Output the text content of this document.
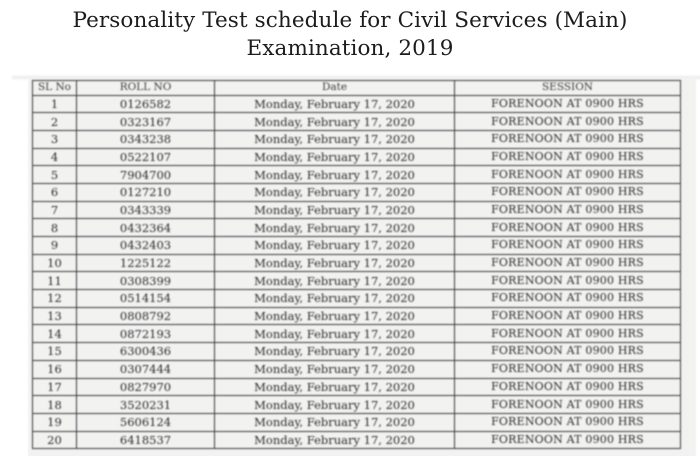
Personality Test schedule for Civil Services (Main)
Examination, 2019
SL No	ROLL NO	Date	SESSION
1	0126582	Monday, February 17, 2020	FORENOON AT 0900 HRS
2	0323167	Monday, February 17, 2020	FORENOON AT 0900 HRS
3	0343238	Monday, February 17, 2020	FORENOON AT 0900 HRS
4	0522107	Monday, February 17, 2020	FORENOON AT 0900 HRS
5	7904700	Monday, February 17, 2020	FORENOON AT 0900 HRS
6	0127210	Monday, February 17, 2020	FORENOON AT 0900 HRS
7	0343339	Monday, February 17, 2020	FORENOON AT 0900 HRS
8	0432364	Monday, February 17, 2020	FORENOON AT 0900 HRS
9	0432403	Monday, February 17, 2020	FORENOON AT 0900 HRS
10	1225122	Monday, February 17, 2020	FORENOON AT 0900 HRS
11	0308399	Monday, February 17, 2020	FORENOON AT 0900 HRS
12	0514154	Monday, February 17, 2020	FORENOON AT 0900 HRS
13	0808792	Monday, February 17, 2020	FORENOON AT 0900 HRS
14	0872193	Monday, February 17, 2020	FORENOON AT 0900 HRS
15	6300436	Monday, February 17, 2020	FORENOON AT 0900 HRS
16	0307444	Monday, February 17, 2020	FORENOON AT 0900 HRS
17	0827970	Monday, February 17, 2020	FORENOON AT 0900 HRS
18	3520231	Monday, February 17, 2020	FORENOON AT 0900 HRS
19	5606124	Monday, February 17, 2020	FORENOON AT 0900 HRS
20	6418537	Monday, February 17, 2020	FORENOON AT 0900 HRS
